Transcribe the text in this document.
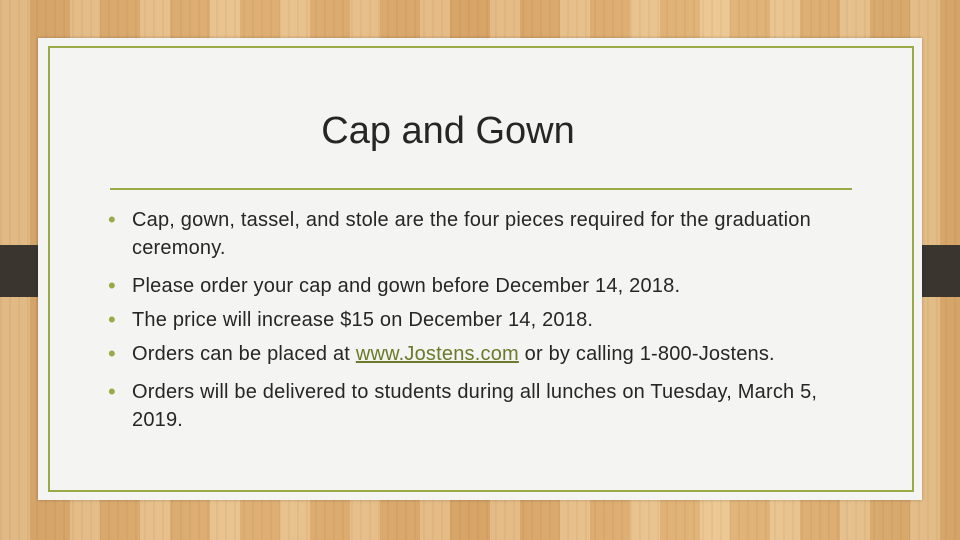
Cap and Gown
• Cap, gown, tassel, and stole are the four pieces required for the graduation ceremony.
• Please order your cap and gown before December 14, 2018.
• The price will increase $15 on December 14, 2018.
• Orders can be placed at www.Jostens.com or by calling 1-800-Jostens.
• Orders will be delivered to students during all lunches on Tuesday, March 5, 2019.
